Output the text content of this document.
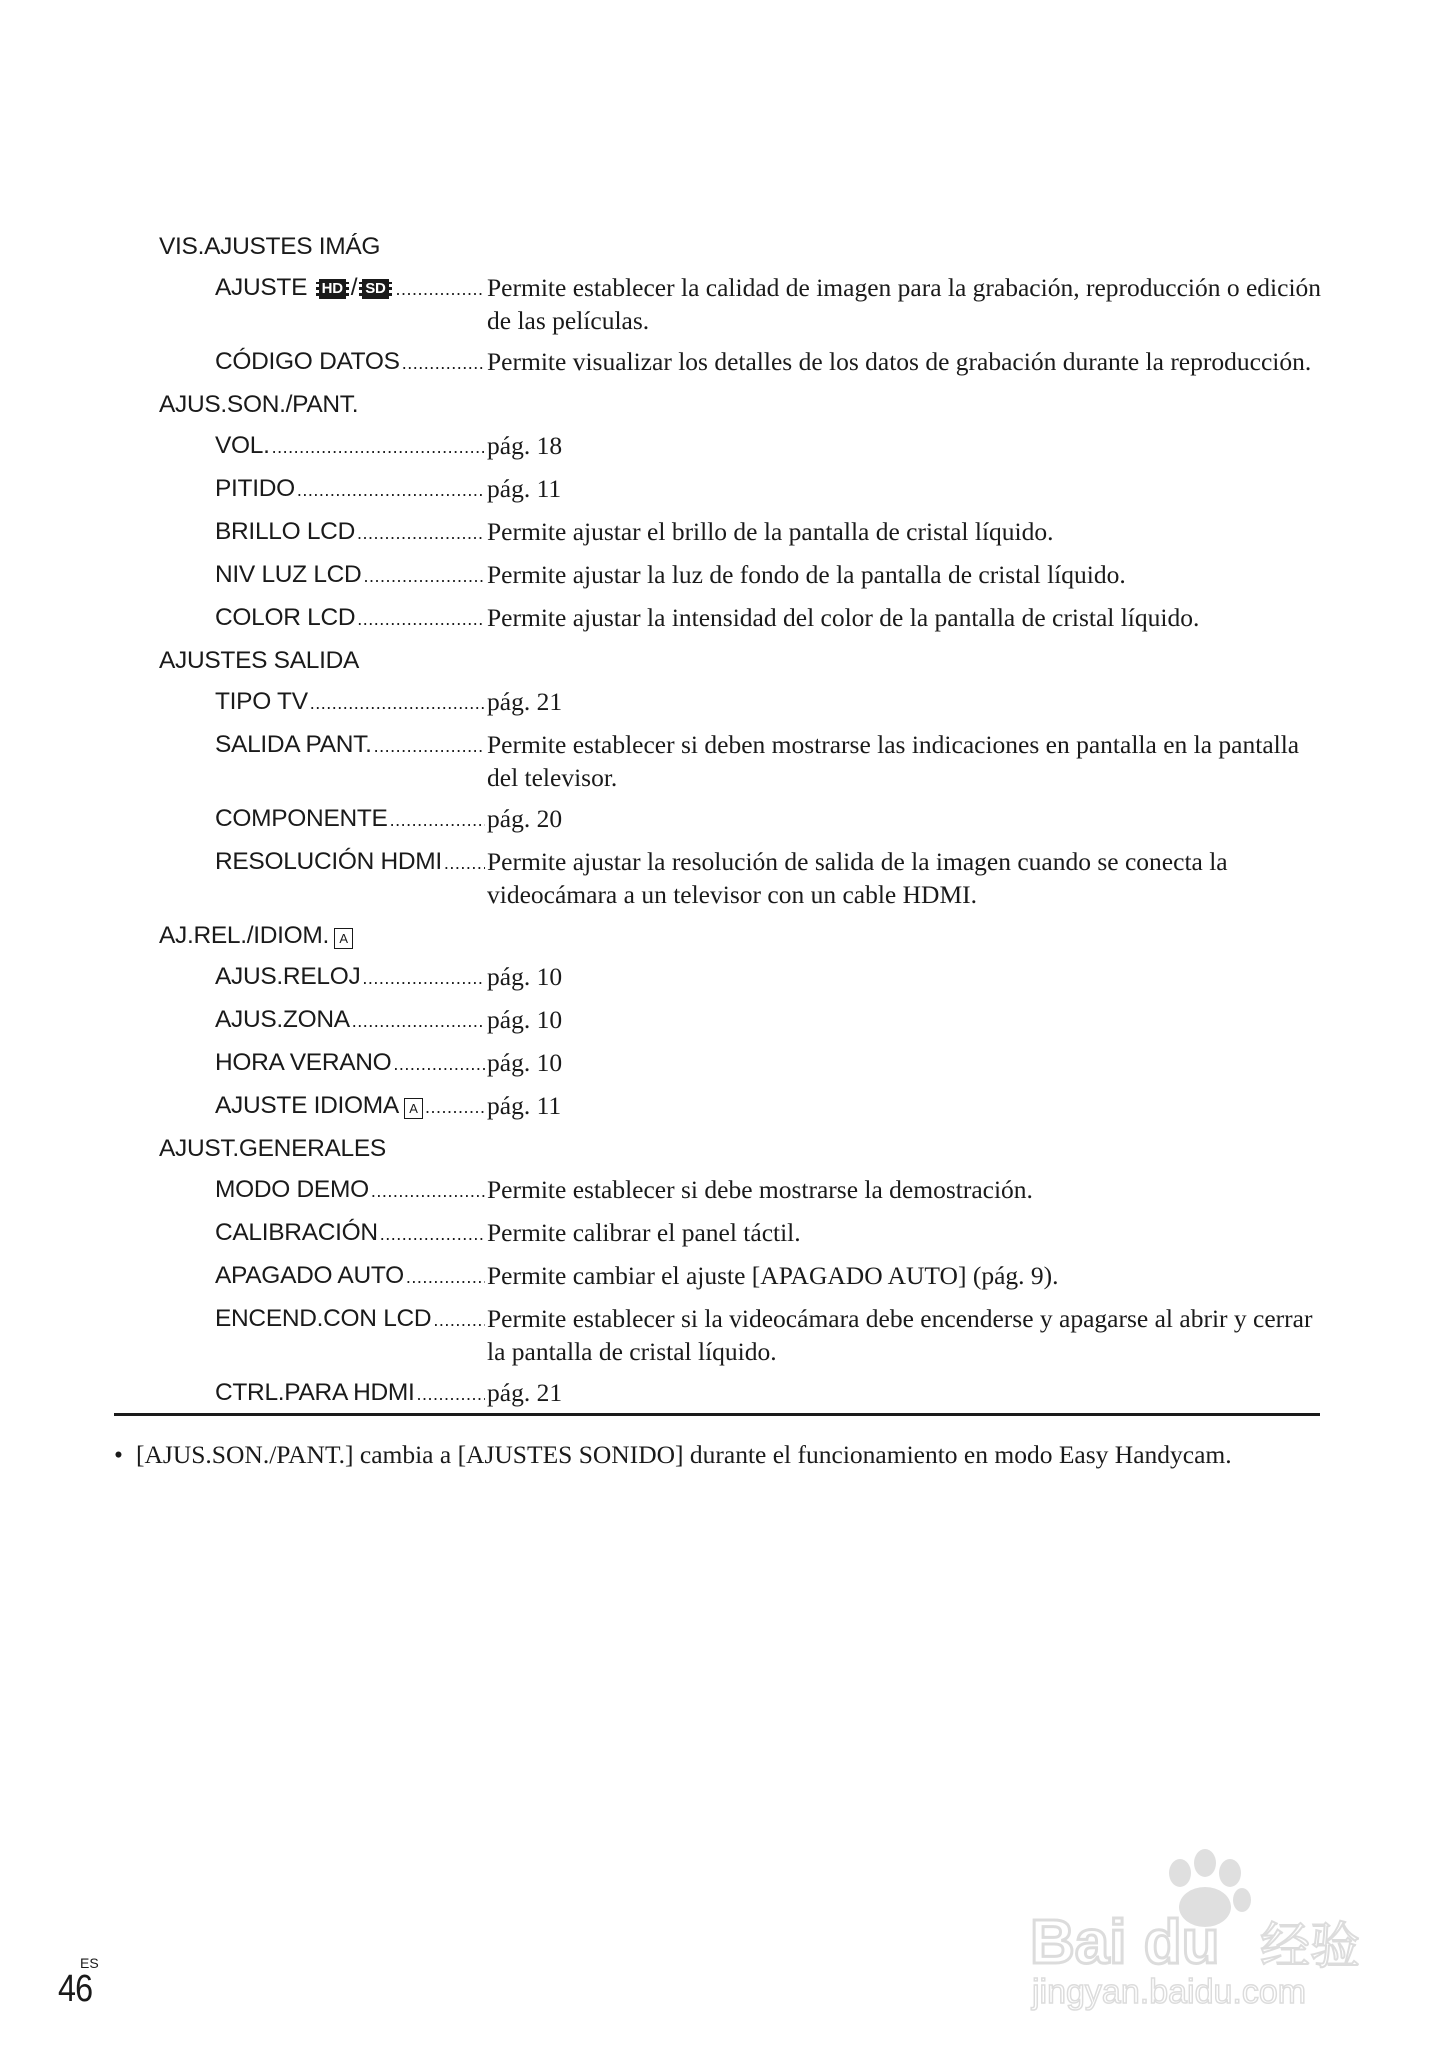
VIS.AJUSTES IMÁG
AJUSTE HD / SD .....	Permite establecer la calidad de imagen para la grabación, reproducción o edición de las películas.
CÓDIGO DATOS .....	Permite visualizar los detalles de los datos de grabación durante la reproducción.
AJUS.SON./PANT.
VOL. .....	pág. 18
PITIDO .....	pág. 11
BRILLO LCD .....	Permite ajustar el brillo de la pantalla de cristal líquido.
NIV LUZ LCD .....	Permite ajustar la luz de fondo de la pantalla de cristal líquido.
COLOR LCD .....	Permite ajustar la intensidad del color de la pantalla de cristal líquido.
AJUSTES SALIDA
TIPO TV .....	pág. 21
SALIDA PANT. .....	Permite establecer si deben mostrarse las indicaciones en pantalla en la pantalla del televisor.
COMPONENTE .....	pág. 20
RESOLUCIÓN HDMI ..... Permite ajustar la resolución de salida de la imagen cuando se conecta la videocámara a un televisor con un cable HDMI.
AJ.REL./IDIOM. A
AJUS.RELOJ .....	pág. 10
AJUS.ZONA .....	pág. 10
HORA VERANO .....	pág. 10
AJUSTE IDIOMA A .....	pág. 11
AJUST.GENERALES
MODO DEMO .....	Permite establecer si debe mostrarse la demostración.
CALIBRACIÓN .....	Permite calibrar el panel táctil.
APAGADO AUTO .....	Permite cambiar el ajuste [APAGADO AUTO] (pág. 9).
ENCEND.CON LCD ..... Permite establecer si la videocámara debe encenderse y apagarse al abrir y cerrar la pantalla de cristal líquido.
CTRL.PARA HDMI .....	pág. 21
• [AJUS.SON./PANT.] cambia a [AJUSTES SONIDO] durante el funcionamiento en modo Easy Handycam.
ES
46
Bai du 经验
jingyan.baidu.com
